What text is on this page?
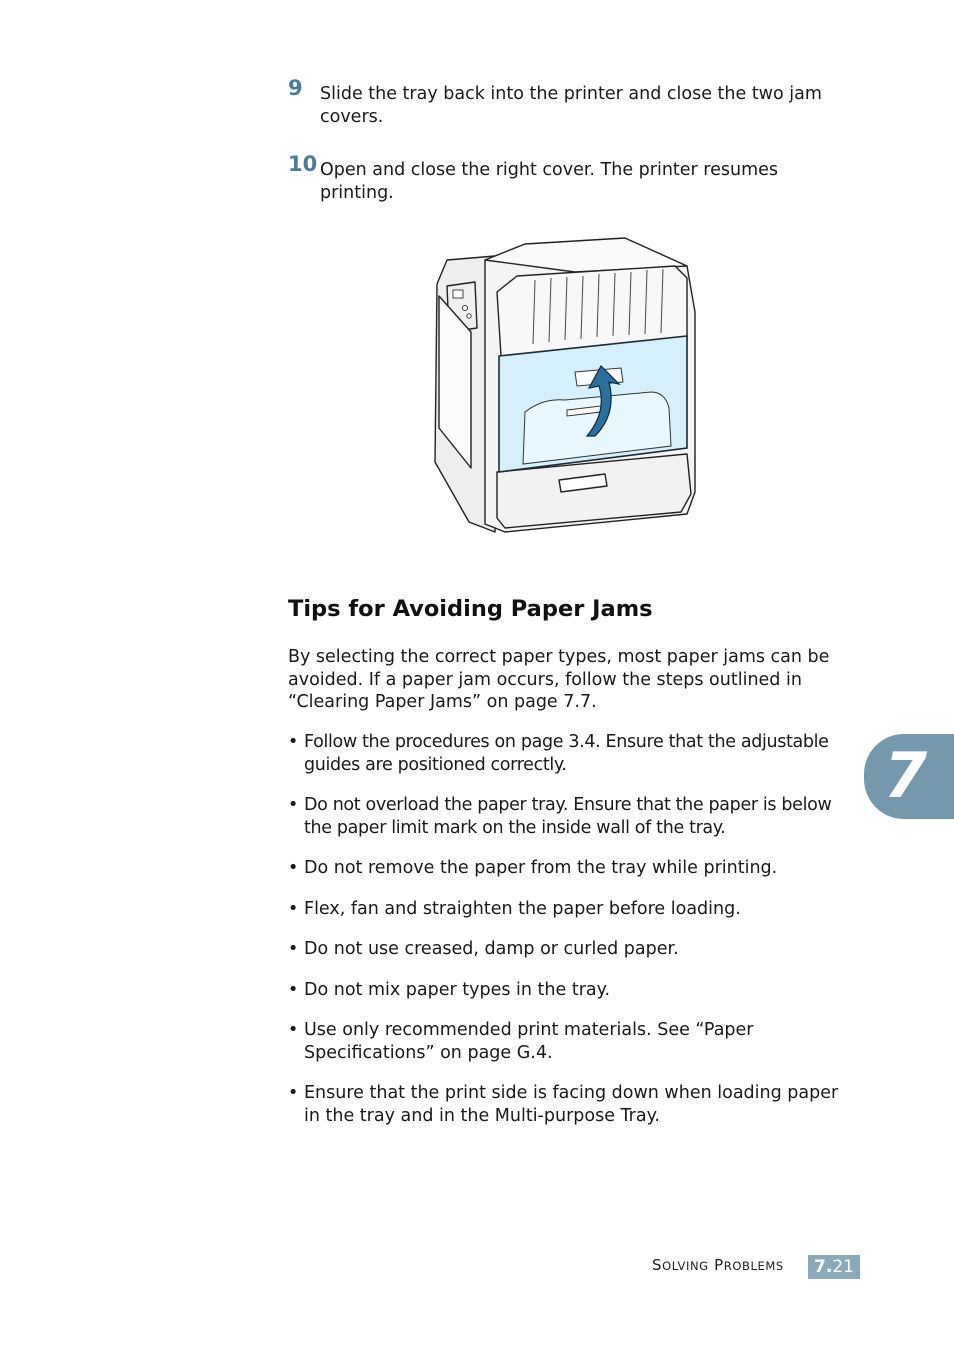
9 Slide the tray back into the printer and close the two jam covers.
10 Open and close the right cover. The printer resumes printing.
Tips for Avoiding Paper Jams
By selecting the correct paper types, most paper jams can be avoided. If a paper jam occurs, follow the steps outlined in “Clearing Paper Jams” on page 7.7.
• Follow the procedures on page 3.4. Ensure that the adjustable guides are positioned correctly.
• Do not overload the paper tray. Ensure that the paper is below the paper limit mark on the inside wall of the tray.
• Do not remove the paper from the tray while printing.
• Flex, fan and straighten the paper before loading.
• Do not use creased, damp or curled paper.
• Do not mix paper types in the tray.
• Use only recommended print materials. See “Paper Specifications” on page G.4.
• Ensure that the print side is facing down when loading paper in the tray and in the Multi-purpose Tray.
7
SOLVING PROBLEMS	7.21
